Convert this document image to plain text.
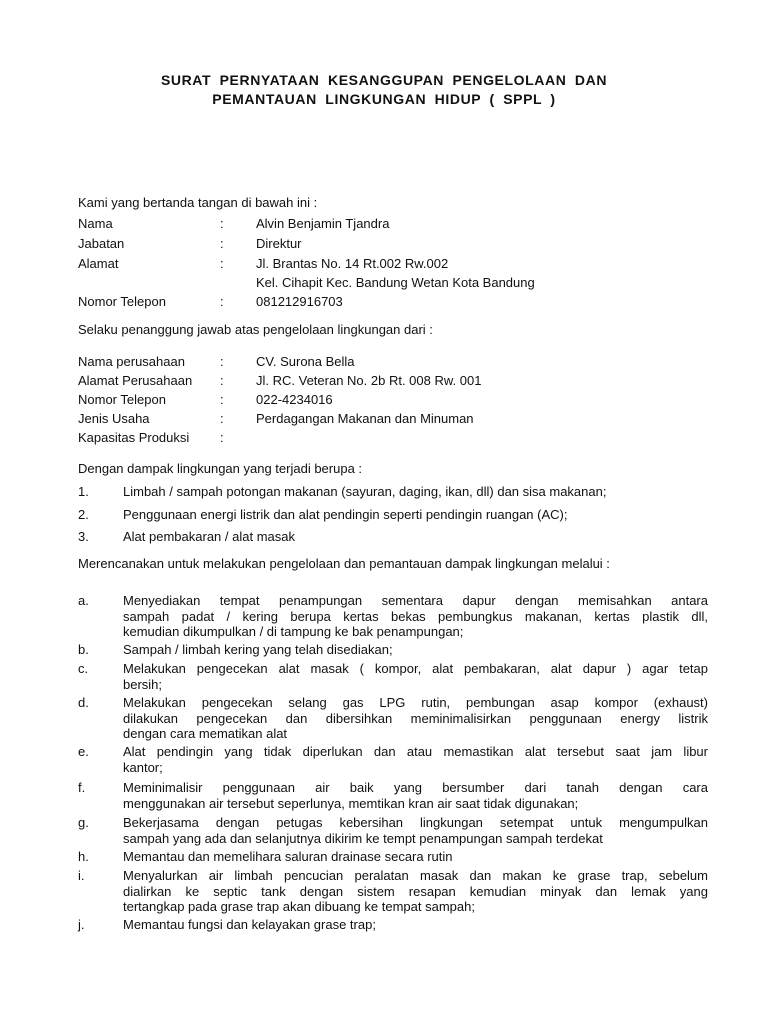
SURAT PERNYATAAN KESANGGUPAN PENGELOLAAN DAN
PEMANTAUAN LINGKUNGAN HIDUP ( SPPL )
Kami yang bertanda tangan di bawah ini :
Nama	: Alvin Benjamin Tjandra
Jabatan	: Direktur
Alamat	: Jl. Brantas No. 14 Rt.002 Rw.002
Kel. Cihapit Kec. Bandung Wetan Kota Bandung
Nomor Telepon	: 081212916703
Selaku penanggung jawab atas pengelolaan lingkungan dari :
Nama perusahaan	: CV. Surona Bella
Alamat Perusahaan : Jl. RC. Veteran No. 2b Rt. 008 Rw. 001
Nomor Telepon	: 022-4234016
Jenis Usaha	: Perdagangan Makanan dan Minuman
Kapasitas Produksi :
Dengan dampak lingkungan yang terjadi berupa :
1.	Limbah / sampah potongan makanan (sayuran, daging, ikan, dll) dan sisa makanan;
2.	Penggunaan energi listrik dan alat pendingin seperti pendingin ruangan (AC);
3.	Alat pembakaran / alat masak
Merencanakan untuk melakukan pengelolaan dan pemantauan dampak lingkungan melalui :
a.	Menyediakan tempat penampungan sementara dapur dengan memisahkan antara
sampah padat / kering berupa kertas bekas pembungkus makanan, kertas plastik dll,
kemudian dikumpulkan / di tampung ke bak penampungan;
b.	Sampah / limbah kering yang telah disediakan;
c.	Melakukan pengecekan alat masak ( kompor, alat pembakaran, alat dapur ) agar tetap
bersih;
d.	Melakukan pengecekan selang gas LPG rutin, pembungan asap kompor (exhaust)
dilakukan pengecekan dan dibersihkan meminimalisirkan penggunaan energy listrik
dengan cara mematikan alat
e.	Alat pendingin yang tidak diperlukan dan atau memastikan alat tersebut saat jam libur
kantor;
f.	Meminimalisir penggunaan air baik yang bersumber dari tanah dengan cara
menggunakan air tersebut seperlunya, memtikan kran air saat tidak digunakan;
g.	Bekerjasama dengan petugas kebersihan lingkungan setempat untuk mengumpulkan
sampah yang ada dan selanjutnya dikirim ke tempt penampungan sampah terdekat
h.	Memantau dan memelihara saluran drainase secara rutin
i.	Menyalurkan air limbah pencucian peralatan masak dan makan ke grase trap, sebelum
dialirkan ke septic tank dengan sistem resapan kemudian minyak dan lemak yang
tertangkap pada grase trap akan dibuang ke tempat sampah;
j.	Memantau fungsi dan kelayakan grase trap;
